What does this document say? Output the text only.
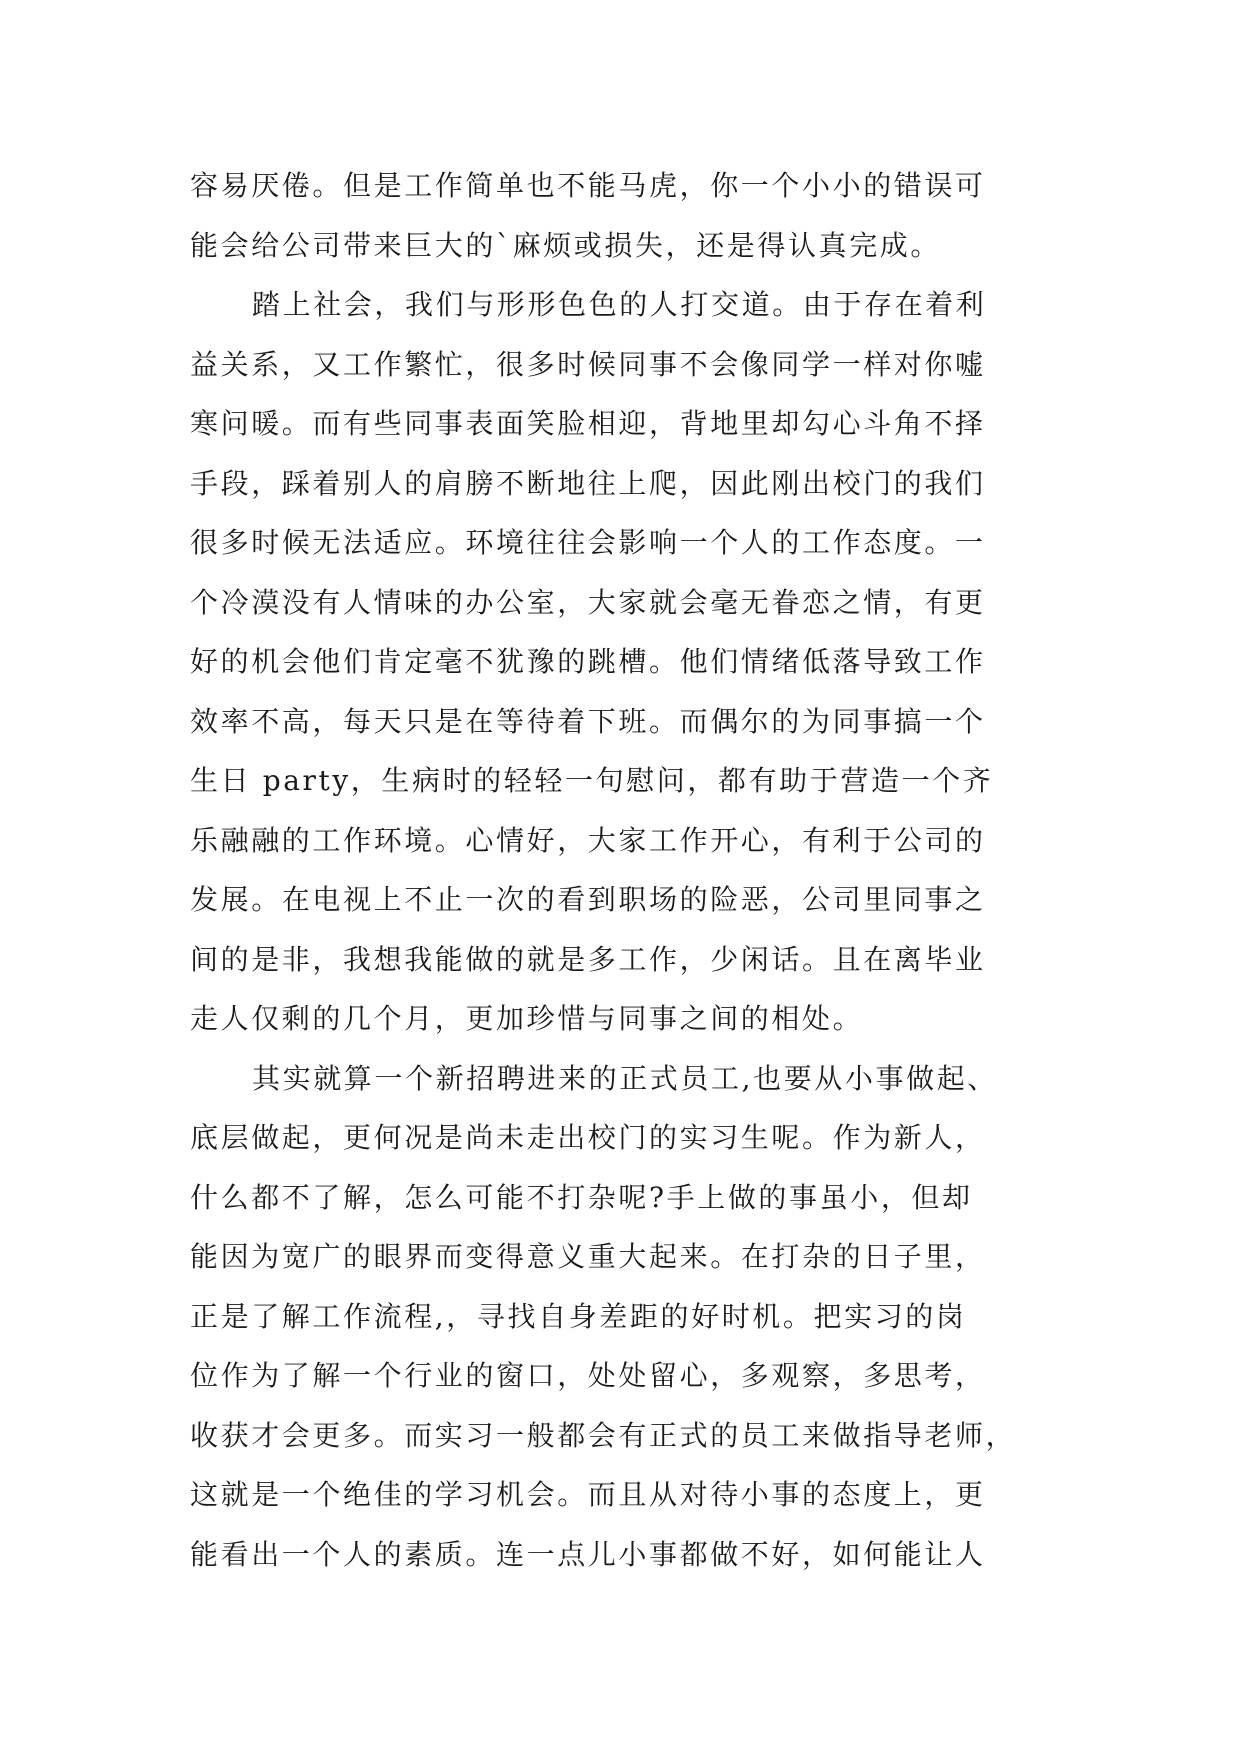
容易厌倦。但是工作简单也不能马虎，你一个小小的错误可
能会给公司带来巨大的`麻烦或损失，还是得认真完成。
踏上社会，我们与形形色色的人打交道。由于存在着利
益关系，又工作繁忙，很多时候同事不会像同学一样对你嘘
寒问暖。而有些同事表面笑脸相迎，背地里却勾心斗角不择
手段，踩着别人的肩膀不断地往上爬，因此刚出校门的我们
很多时候无法适应。环境往往会影响一个人的工作态度。一
个冷漠没有人情味的办公室，大家就会毫无眷恋之情，有更
好的机会他们肯定毫不犹豫的跳槽。他们情绪低落导致工作
效率不高，每天只是在等待着下班。而偶尔的为同事搞一个
生日 party，生病时的轻轻一句慰问，都有助于营造一个齐
乐融融的工作环境。心情好，大家工作开心，有利于公司的
发展。在电视上不止一次的看到职场的险恶，公司里同事之
间的是非，我想我能做的就是多工作，少闲话。且在离毕业
走人仅剩的几个月，更加珍惜与同事之间的相处。
其实就算一个新招聘进来的正式员工,也要从小事做起、
底层做起，更何况是尚未走出校门的实习生呢。作为新人，
什么都不了解，怎么可能不打杂呢?手上做的事虽小，但却
能因为宽广的眼界而变得意义重大起来。在打杂的日子里，
正是了解工作流程,，寻找自身差距的好时机。把实习的岗
位作为了解一个行业的窗口，处处留心，多观察，多思考，
收获才会更多。而实习一般都会有正式的员工来做指导老师，
这就是一个绝佳的学习机会。而且从对待小事的态度上，更
能看出一个人的素质。连一点儿小事都做不好，如何能让人
